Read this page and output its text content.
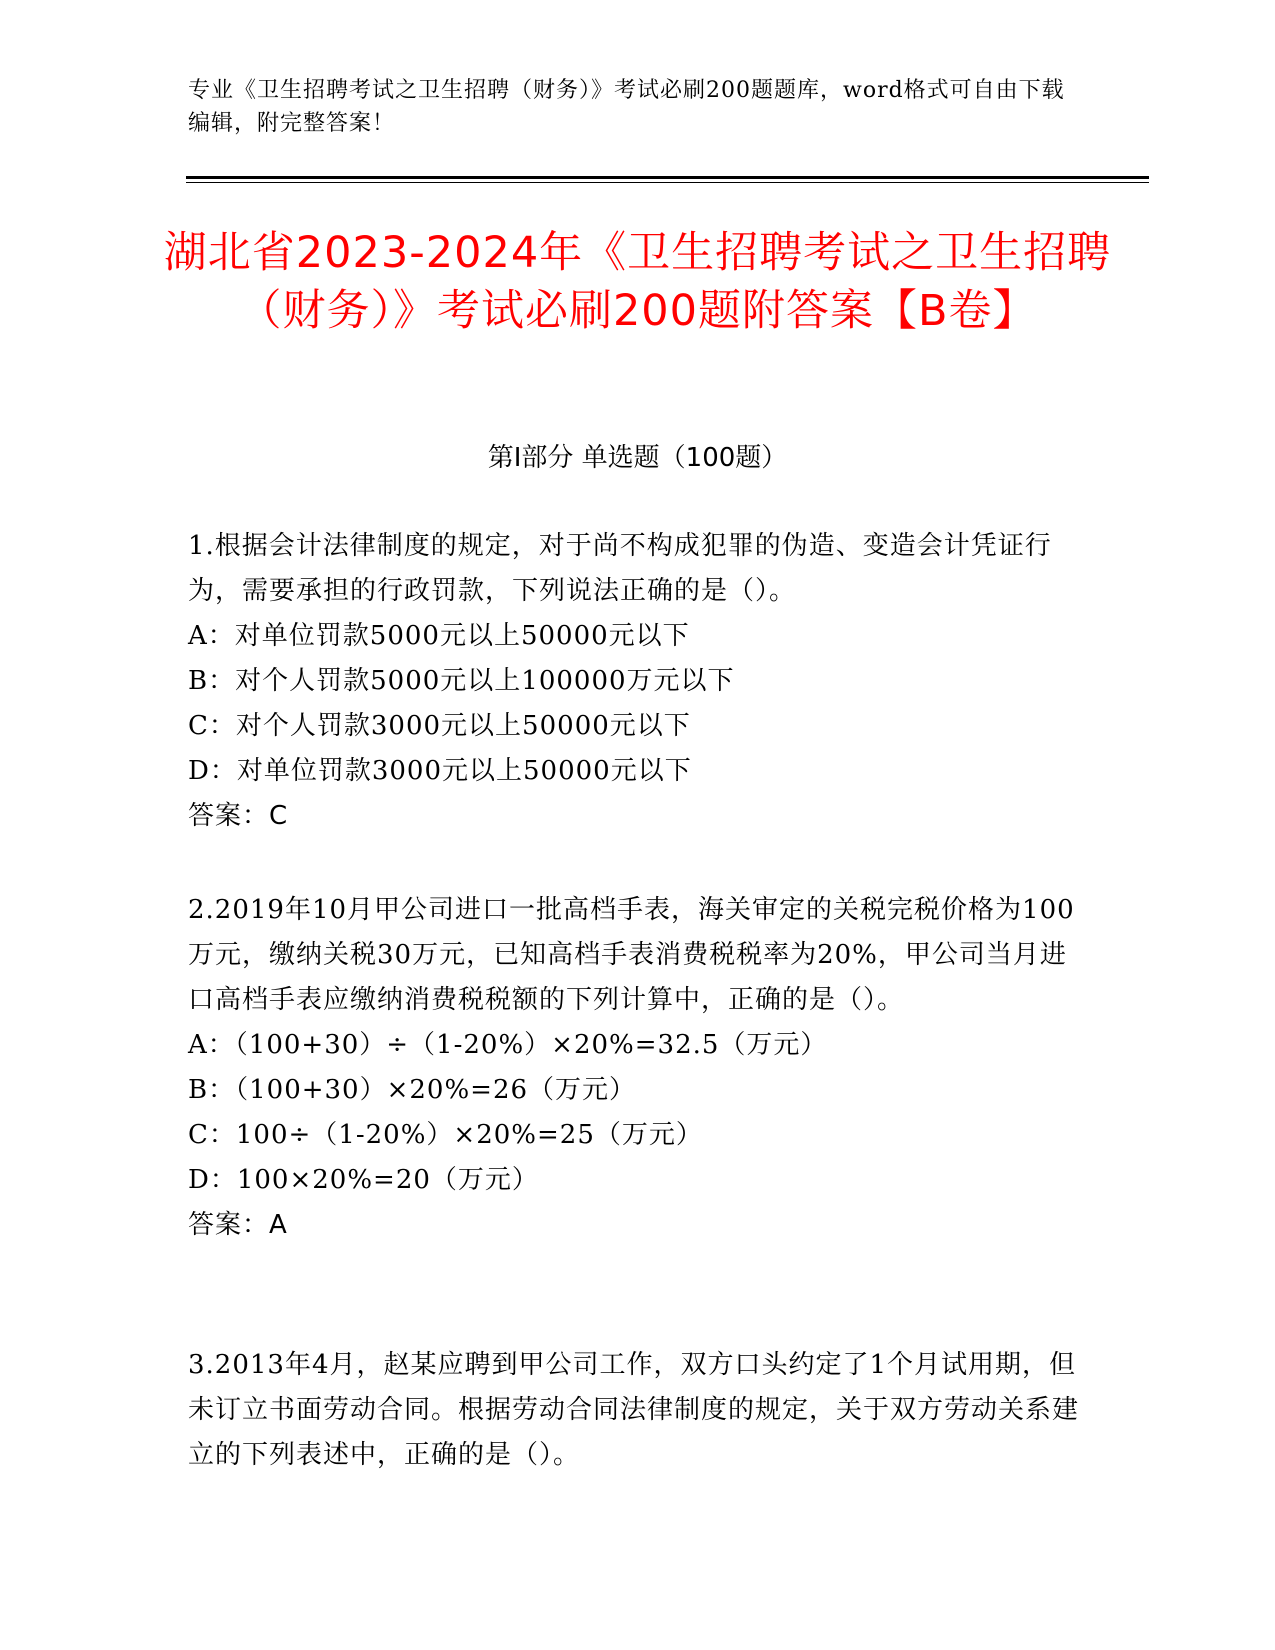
专业《卫生招聘考试之卫生招聘（财务）》考试必刷200题题库，word格式可自由下载编辑，附完整答案！
湖北省2023-2024年《卫生招聘考试之卫生招聘（财务）》考试必刷200题附答案【B卷】
第Ⅰ部分 单选题（100题）
1.根据会计法律制度的规定，对于尚不构成犯罪的伪造、变造会计凭证行为，需要承担的行政罚款，下列说法正确的是（）。
A：对单位罚款5000元以上50000元以下
B：对个人罚款5000元以上100000万元以下
C：对个人罚款3000元以上50000元以下
D：对单位罚款3000元以上50000元以下
答案：C
2.2019年10月甲公司进口一批高档手表，海关审定的关税完税价格为100万元，缴纳关税30万元，已知高档手表消费税税率为20%，甲公司当月进口高档手表应缴纳消费税税额的下列计算中，正确的是（）。
A：（100+30）÷（1-20%）×20%=32.5（万元）
B：（100+30）×20%=26（万元）
C：100÷（1-20%）×20%=25（万元）
D：100×20%=20（万元）
答案：A
3.2013年4月，赵某应聘到甲公司工作，双方口头约定了1个月试用期，但未订立书面劳动合同。根据劳动合同法律制度的规定，关于双方劳动关系建立的下列表述中，正确的是（）。
